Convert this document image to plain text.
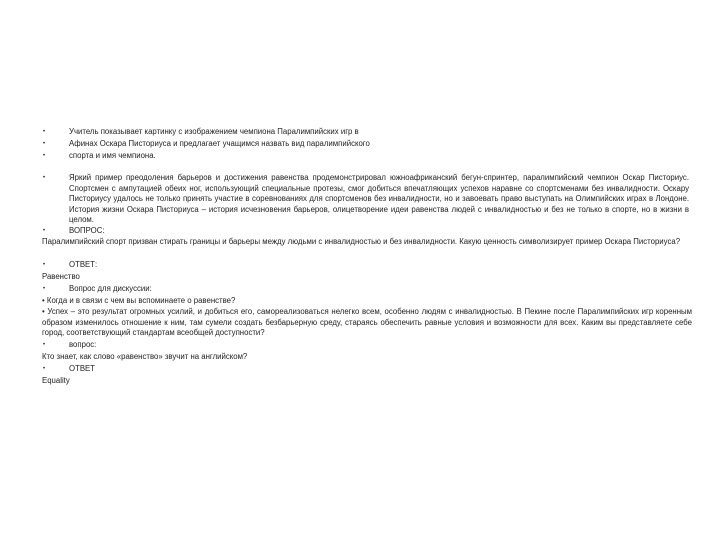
•	Учитель показывает картинку с изображением чемпиона Паралимпийских игр в
•	Афинах Оскара Писториуса и предлагает учащимся назвать вид паралимпийского
•	спорта и имя чемпиона.
•	Яркий пример преодоления барьеров и достижения равенства продемонстрировал южноафриканский бегун-спринтер, паралимпийский чемпион Оскар Писториус. Спортсмен с ампутацией обеих ног, использующий специальные протезы, смог добиться впечатляющих успехов наравне со спортсменами без инвалидности. Оскару Писториусу удалось не только принять участие в соревнованиях для спортсменов без инвалидности, но и завоевать право выступать на Олимпийских играх в Лондоне. История жизни Оскара Писториуса – история исчезновения барьеров, олицетворение идеи равенства людей с инвалидностью и без не только в спорте, но в жизни в целом.
•	ВОПРОС:
Паралимпийский спорт призван стирать границы и барьеры между людьми с инвалидностью и без инвалидности. Какую ценность символизирует пример Оскара Писториуса?
•	ОТВЕТ:
Равенство
•	Вопрос для дискуссии:
• Когда и в связи с чем вы вспоминаете о равенстве?
• Успех – это результат огромных усилий, и добиться его, самореализоваться нелегко всем, особенно людям с инвалидностью. В Пекине после Паралимпийских игр коренным образом изменилось отношение к ним, там сумели создать безбарьерную среду, стараясь обеспечить равные условия и возможности для всех. Каким вы представляете себе город, соответствующий стандартам всеобщей доступности?
•	вопрос:
Кто знает, как слово «равенство» звучит на английском?
•	ОТВЕТ
Equality
